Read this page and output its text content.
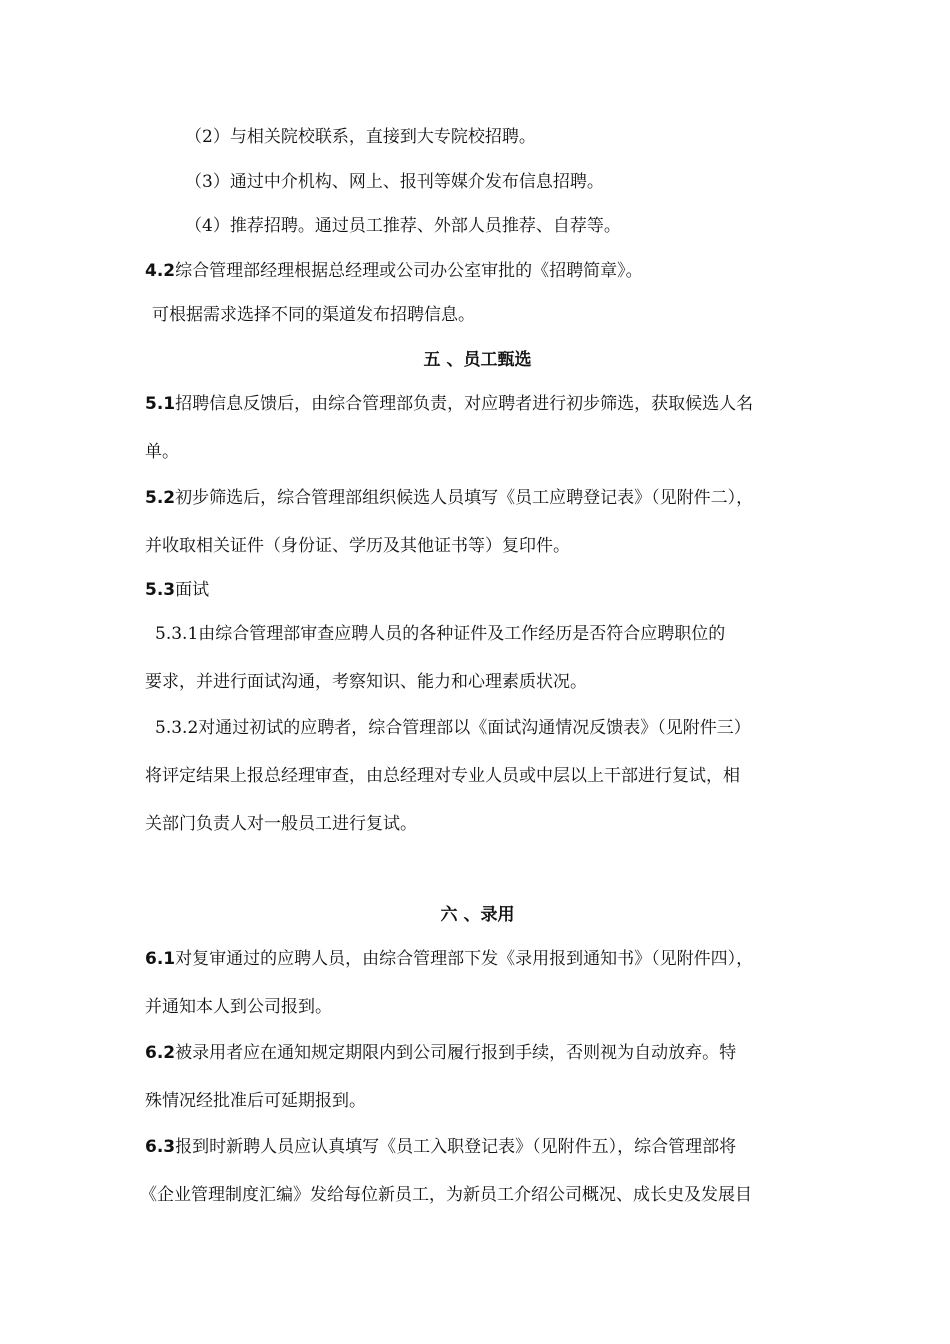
（2）与相关院校联系，直接到大专院校招聘。
（3）通过中介机构、网上、报刊等媒介发布信息招聘。
（4）推荐招聘。通过员工推荐、外部人员推荐、自荐等。
4.2综合管理部经理根据总经理或公司办公室审批的《招聘简章》。
可根据需求选择不同的渠道发布招聘信息。
五 、员工甄选
5.1招聘信息反馈后，由综合管理部负责，对应聘者进行初步筛选，获取候选人名
单。
5.2初步筛选后，综合管理部组织候选人员填写《员工应聘登记表》（见附件二），
并收取相关证件（身份证、学历及其他证书等）复印件。
5.3面试
5.3.1由综合管理部审查应聘人员的各种证件及工作经历是否符合应聘职位的
要求，并进行面试沟通，考察知识、能力和心理素质状况。
5.3.2对通过初试的应聘者，综合管理部以《面试沟通情况反馈表》（见附件三）
将评定结果上报总经理审查，由总经理对专业人员或中层以上干部进行复试，相
关部门负责人对一般员工进行复试。
六 、录用
6.1对复审通过的应聘人员，由综合管理部下发《录用报到通知书》（见附件四），
并通知本人到公司报到。
6.2被录用者应在通知规定期限内到公司履行报到手续，否则视为自动放弃。特
殊情况经批准后可延期报到。
6.3报到时新聘人员应认真填写《员工入职登记表》（见附件五），综合管理部将
《企业管理制度汇编》发给每位新员工，为新员工介绍公司概况、成长史及发展目
